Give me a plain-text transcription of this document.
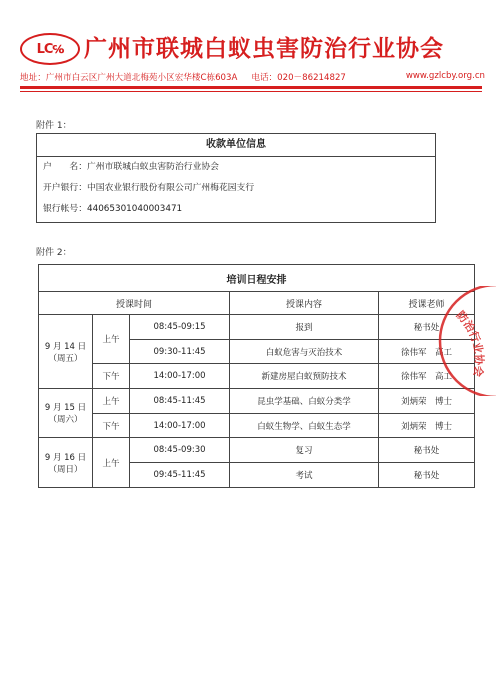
LC ℅ 广州市联城白蚁虫害防治行业协会
地址：广州市白云区广州大道北梅苑小区宏华楼C栋603A 电话：020－86214827	www.gzlcby.org.cn
附件 1：
收款单位信息
户　　名：广州市联城白蚁虫害防治行业协会
开户银行：中国农业银行股份有限公司广州梅花园支行
银行帐号：44065301040003471
附件 2：
培训日程安排				
授课时间			授课内容	授课老师

9 月 14 日
（周五）	上午	08:45-09:15	报到	秘书处
		09:30-11:45	白蚁危害与灭治技术	徐伟军　高工
	下午	14:00-17:00	新建房屋白蚁预防技术	徐伟军　高工

9 月 15 日
（周六）	上午	08:45-11:45	昆虫学基础、白蚁分类学	刘炳荣　博士
	下午	14:00-17:00	白蚁生物学、白蚁生态学	刘炳荣　博士

9 月 16 日
（周日）	上午	08:45-09:30	复习	秘书处
		09:45-11:45	考试	秘书处
防治行业协会
